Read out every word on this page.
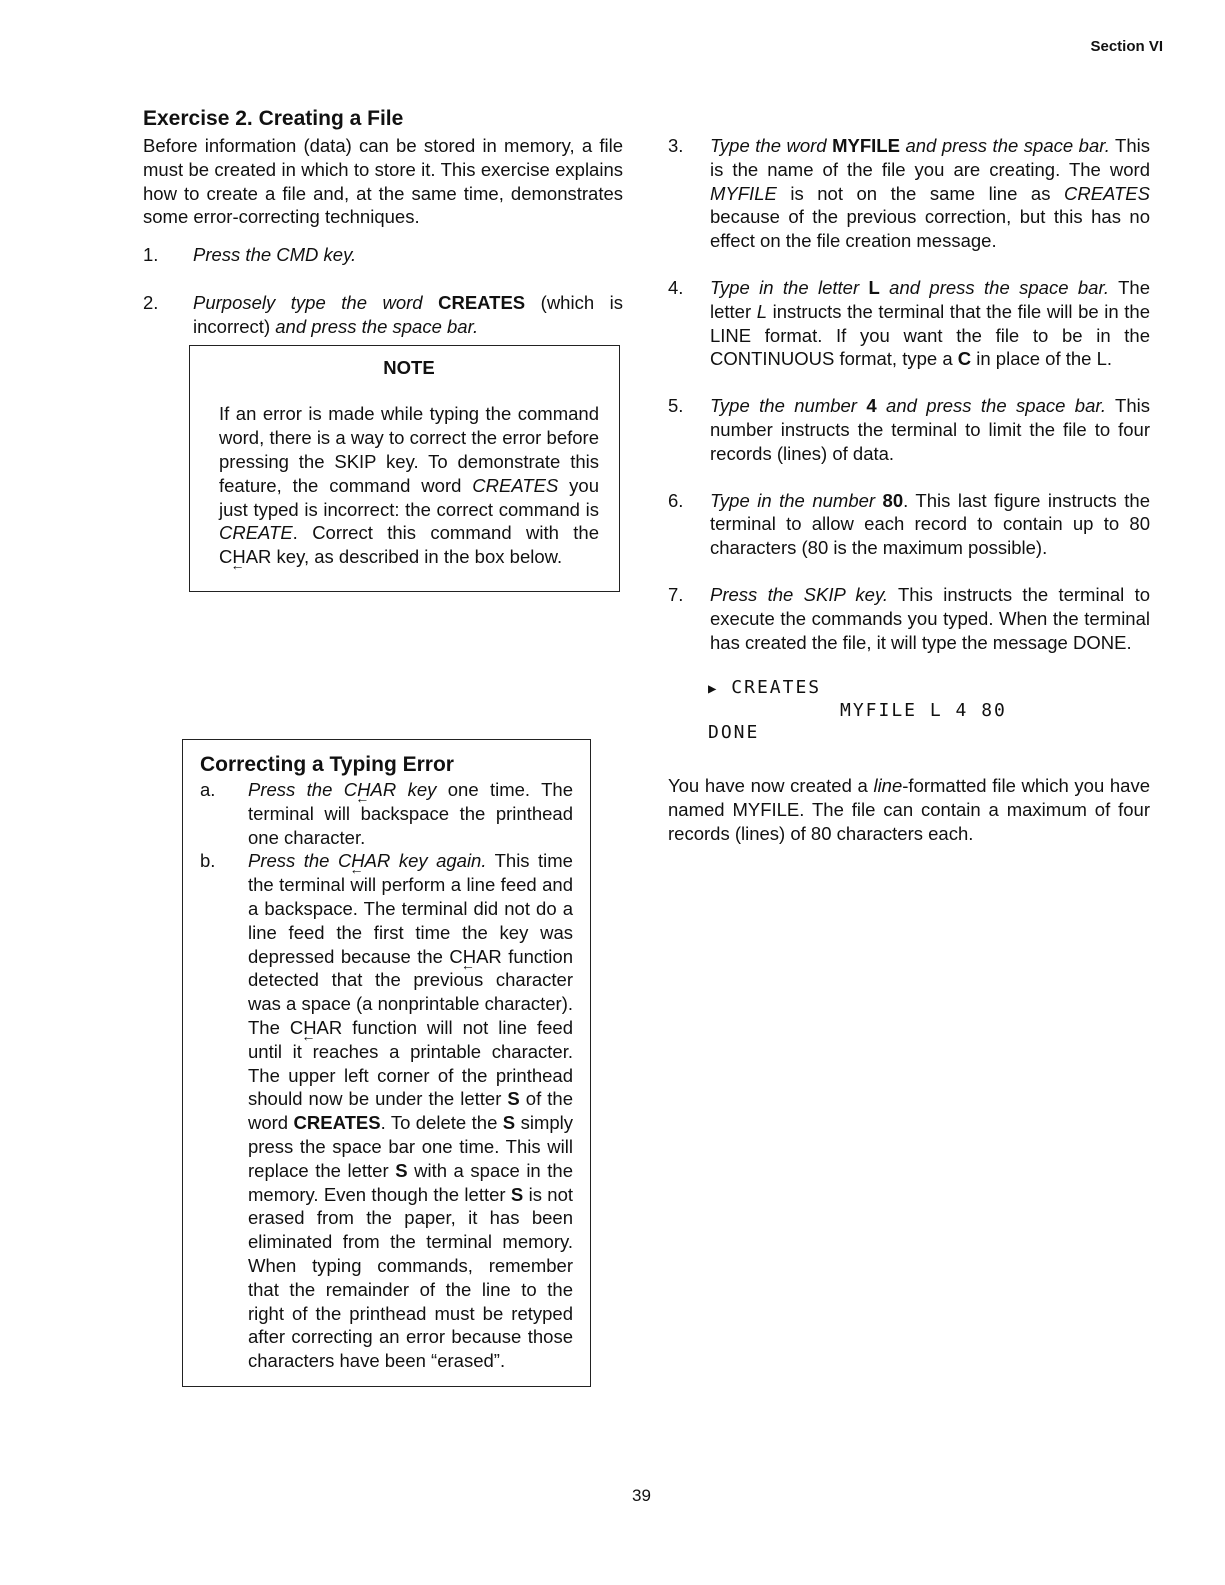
Section VI
Exercise 2. Creating a File

Before information (data) can be stored in memory, a file must be created in which to store it. This exercise explains how to create a file and, at the same time, demonstrates some error-correcting techniques.

1. Press the CMD key.
2. Purposely type the word CREATES (which is incorrect) and press the space bar.
NOTE

If an error is made while typing the command word, there is a way to correct the error before pressing the SKIP key. To demonstrate this feature, the command word CREATES you just typed is incorrect: the correct command is CREATE. Correct this command with the CHAR ← key, as described in the box below.

Correcting a Typing Error
a. Press the CHAR ← key one time. The terminal will backspace the printhead one character.
b. Press the CHAR ← key again. This time the terminal will perform a line feed and a backspace. The terminal did not do a line feed the first time the key was depressed because the CHAR ← function detected that the previous character was a space (a nonprintable character). The CHAR ← function will not line feed until it reaches a printable character. The upper left corner of the printhead should now be under the letter S of the word CREATES. To delete the S simply press the space bar one time. This will replace the letter S with a space in the memory. Even though the letter S is not erased from the paper, it has been eliminated from the terminal memory. When typing commands, remember that the remainder of the line to the right of the printhead must be retyped after correcting an error because those characters have been “erased”.
3. Type the word MYFILE and press the space bar. This is the name of the file you are creating. The word MYFILE is not on the same line as CREATES because of the previous correction, but this has no effect on the file creation message.
4. Type in the letter L and press the space bar. The letter L instructs the terminal that the file will be in the LINE format. If you want the file to be in the CONTINUOUS format, type a C in place of the L.
5. Type the number 4 and press the space bar. This number instructs the terminal to limit the file to four records (lines) of data.
6. Type in the number 80. This last figure instructs the terminal to allow each record to contain up to 80 characters (80 is the maximum possible).
7. Press the SKIP key. This instructs the terminal to execute the commands you typed. When the terminal has created the file, it will type the message DONE.
▶ CREATES
MYFILE L 4 80
DONE

You have now created a line-formatted file which you have named MYFILE. The file can contain a maximum of four records (lines) of 80 characters each.

39
